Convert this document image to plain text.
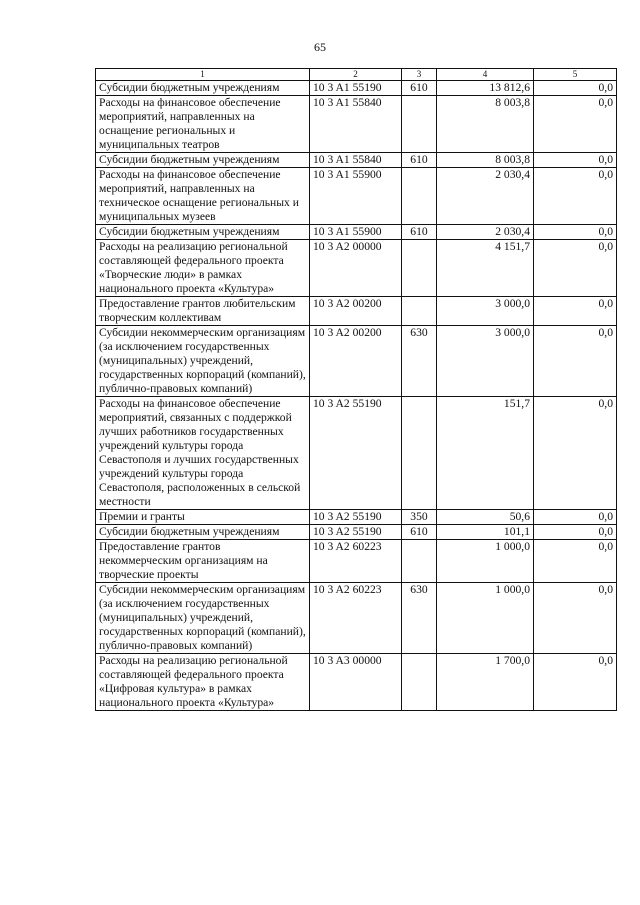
65
1	2	3	4	5
Субсидии бюджетным учреждениям	10 3 A1 55190	610	13 812,6	0,0
Расходы на финансовое обеспечение мероприятий, направленных на оснащение региональных и муниципальных театров	10 3 A1 55840		8 003,8	0,0
Субсидии бюджетным учреждениям	10 3 A1 55840	610	8 003,8	0,0
Расходы на финансовое обеспечение мероприятий, направленных на техническое оснащение региональных и муниципальных музеев	10 3 A1 55900		2 030,4	0,0
Субсидии бюджетным учреждениям	10 3 A1 55900	610	2 030,4	0,0
Расходы на реализацию региональной составляющей федерального проекта «Творческие люди» в рамках национального проекта «Культура»	10 3 A2 00000		4 151,7	0,0
Предоставление грантов любительским творческим коллективам	10 3 A2 00200		3 000,0	0,0
Субсидии некоммерческим организациям (за исключением государственных (муниципальных) учреждений, государственных корпораций (компаний), публично-правовых компаний)	10 3 A2 00200	630	3 000,0	0,0
Расходы на финансовое обеспечение мероприятий, связанных с поддержкой лучших работников государственных учреждений культуры города Севастополя и лучших государственных учреждений культуры города Севастополя, расположенных в сельской местности	10 3 A2 55190		151,7	0,0
Премии и гранты	10 3 A2 55190	350	50,6	0,0
Субсидии бюджетным учреждениям	10 3 A2 55190	610	101,1	0,0
Предоставление грантов некоммерческим организациям на творческие проекты	10 3 A2 60223		1 000,0	0,0
Субсидии некоммерческим организациям (за исключением государственных (муниципальных) учреждений, государственных корпораций (компаний), публично-правовых компаний)	10 3 A2 60223	630	1 000,0	0,0
Расходы на реализацию региональной составляющей федерального проекта «Цифровая культура» в рамках национального проекта «Культура»	10 3 A3 00000		1 700,0	0,0
